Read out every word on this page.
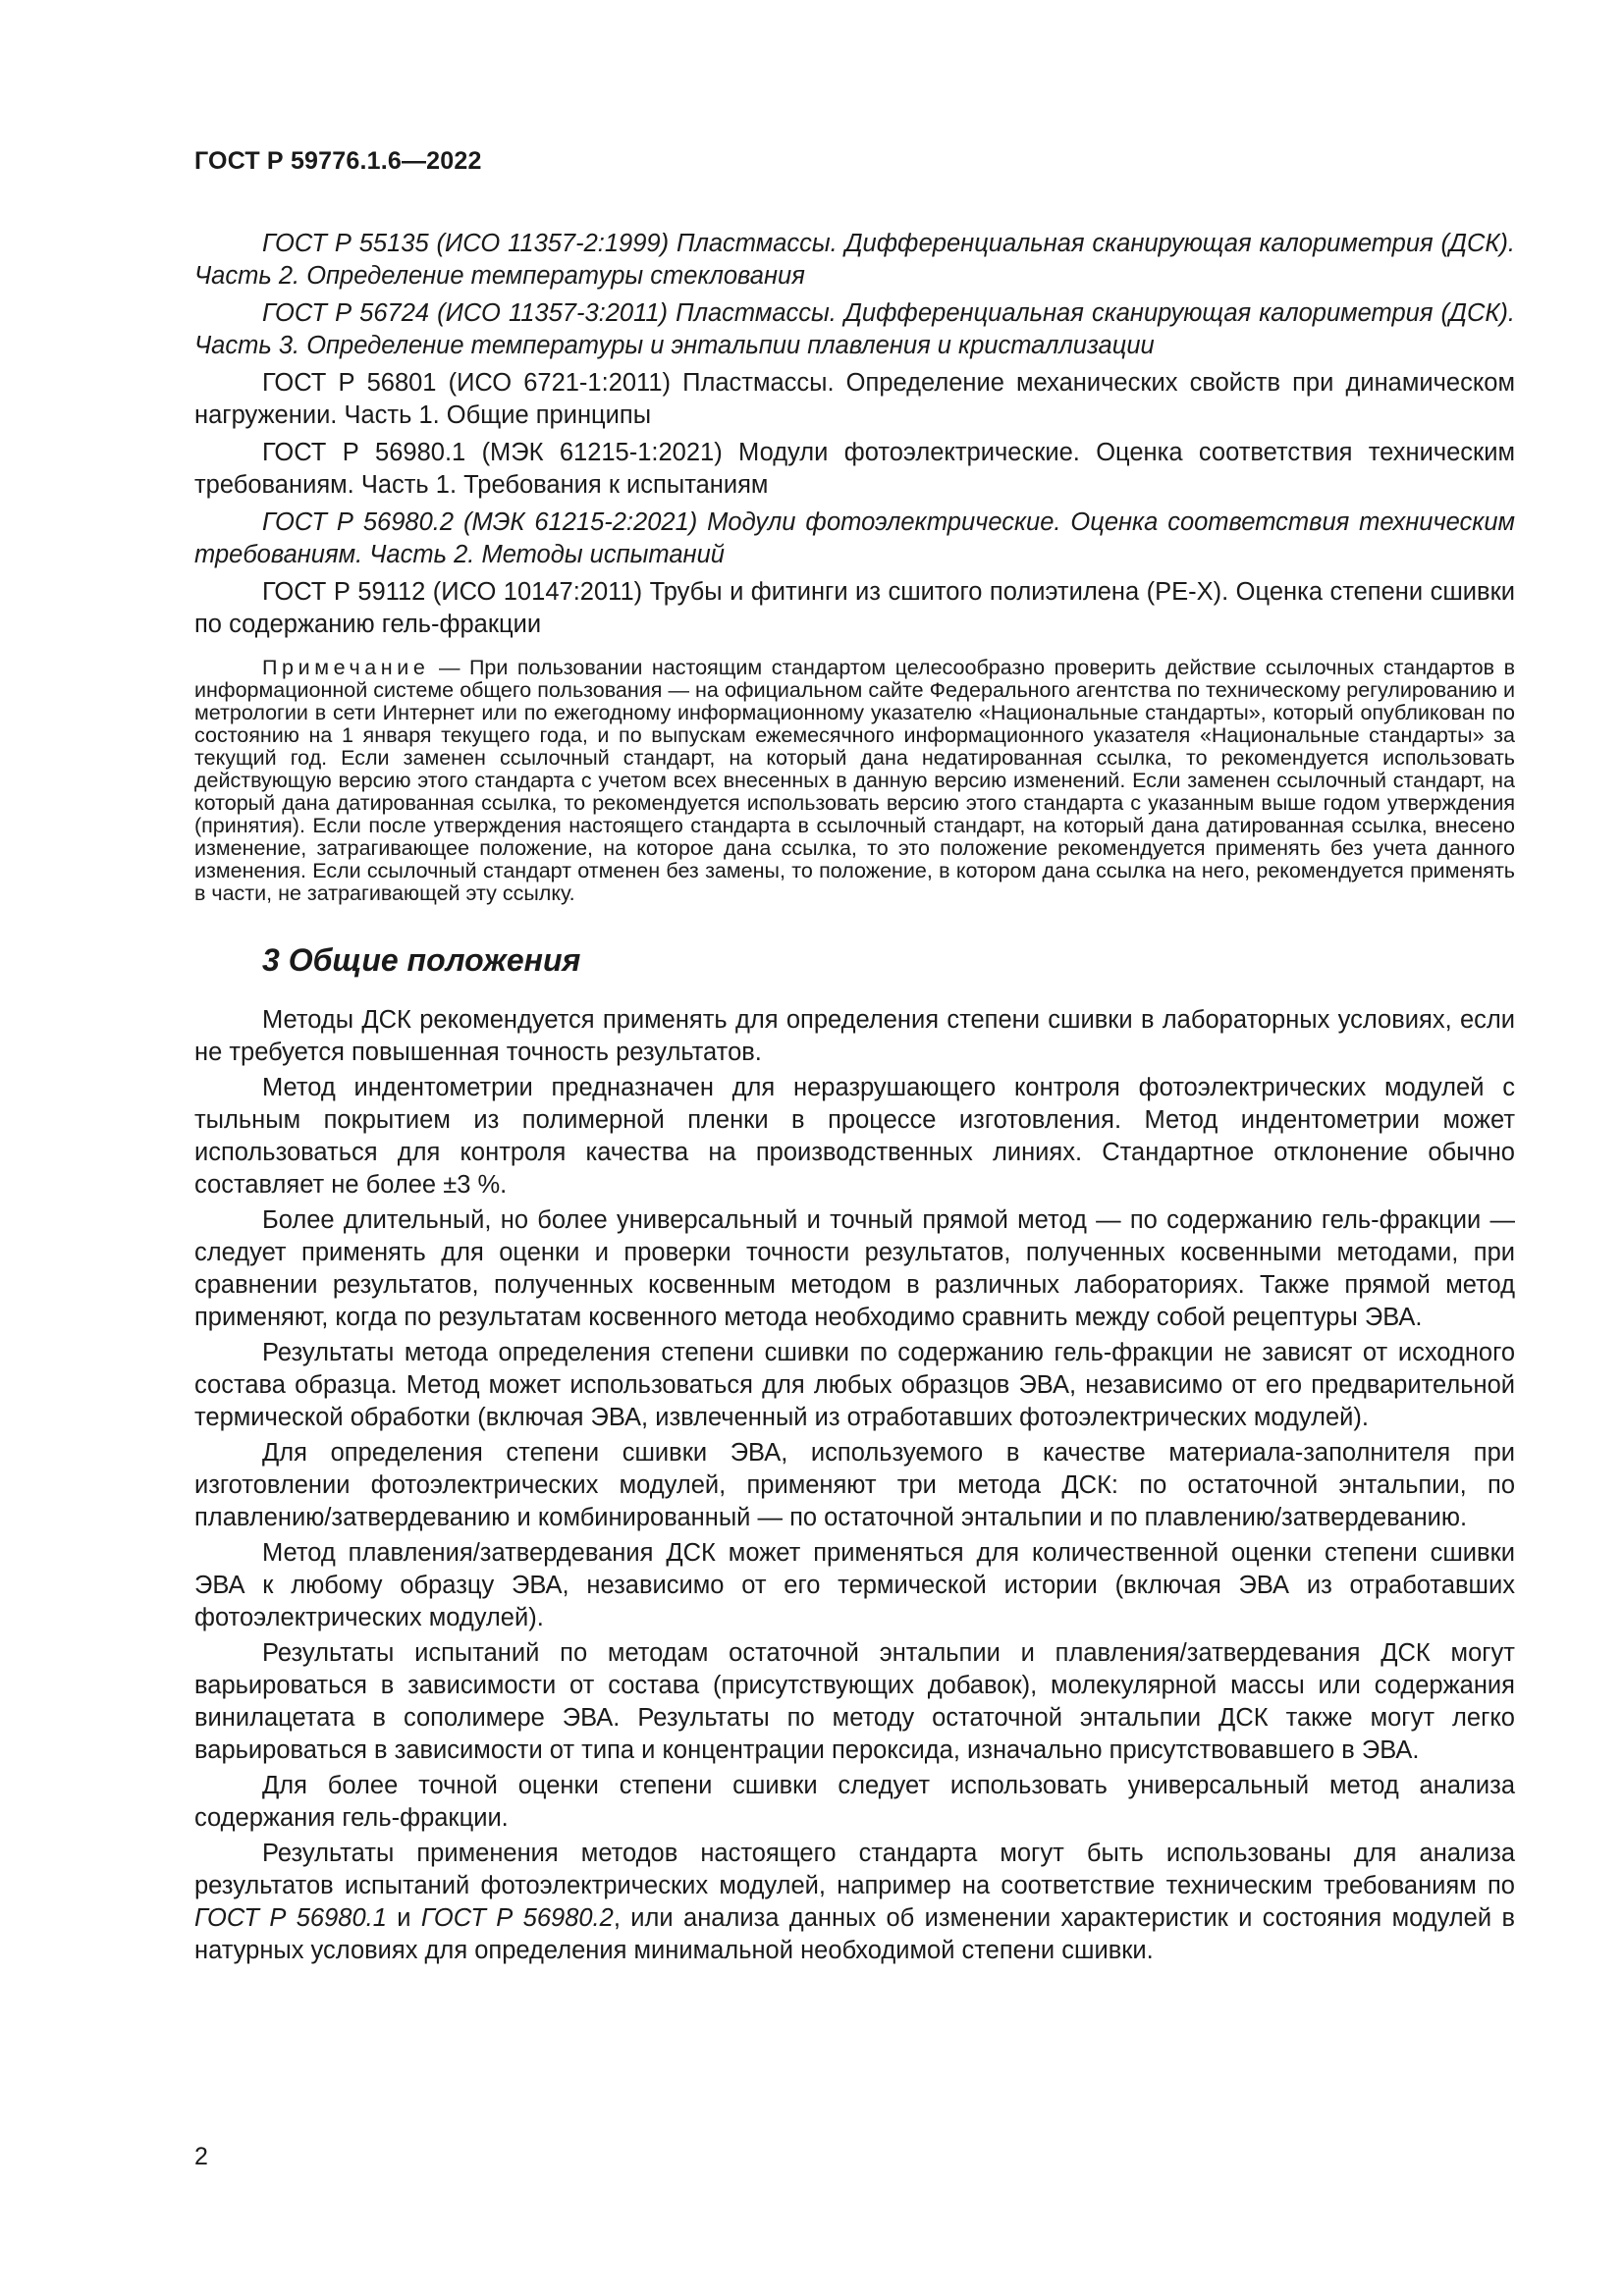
ГОСТ Р 59776.1.6—2022

ГОСТ Р 55135 (ИСО 11357-2:1999) Пластмассы. Дифференциальная сканирующая калориметрия (ДСК). Часть 2. Определение температуры стеклования

ГОСТ Р 56724 (ИСО 11357-3:2011) Пластмассы. Дифференциальная сканирующая калориметрия (ДСК). Часть 3. Определение температуры и энтальпии плавления и кристаллизации

ГОСТ Р 56801 (ИСО 6721-1:2011) Пластмассы. Определение механических свойств при динамическом нагружении. Часть 1. Общие принципы

ГОСТ Р 56980.1 (МЭК 61215-1:2021) Модули фотоэлектрические. Оценка соответствия техническим требованиям. Часть 1. Требования к испытаниям

ГОСТ Р 56980.2 (МЭК 61215-2:2021) Модули фотоэлектрические. Оценка соответствия техническим требованиям. Часть 2. Методы испытаний

ГОСТ Р 59112 (ИСО 10147:2011) Трубы и фитинги из сшитого полиэтилена (PE-X). Оценка степени сшивки по содержанию гель-фракции

Примечание — При пользовании настоящим стандартом целесообразно проверить действие ссылочных стандартов в информационной системе общего пользования — на официальном сайте Федерального агентства по техническому регулированию и метрологии в сети Интернет или по ежегодному информационному указателю «Национальные стандарты», который опубликован по состоянию на 1 января текущего года, и по выпускам ежемесячного информационного указателя «Национальные стандарты» за текущий год. Если заменен ссылочный стандарт, на который дана недатированная ссылка, то рекомендуется использовать действующую версию этого стандарта с учетом всех внесенных в данную версию изменений. Если заменен ссылочный стандарт, на который дана датированная ссылка, то рекомендуется использовать версию этого стандарта с указанным выше годом утверждения (принятия). Если после утверждения настоящего стандарта в ссылочный стандарт, на который дана датированная ссылка, внесено изменение, затрагивающее положение, на которое дана ссылка, то это положение рекомендуется применять без учета данного изменения. Если ссылочный стандарт отменен без замены, то положение, в котором дана ссылка на него, рекомендуется применять в части, не затрагивающей эту ссылку.

3 Общие положения

Методы ДСК рекомендуется применять для определения степени сшивки в лабораторных условиях, если не требуется повышенная точность результатов.

Метод индентометрии предназначен для неразрушающего контроля фотоэлектрических модулей с тыльным покрытием из полимерной пленки в процессе изготовления. Метод индентометрии может использоваться для контроля качества на производственных линиях. Стандартное отклонение обычно составляет не более ±3 %.

Более длительный, но более универсальный и точный прямой метод — по содержанию гель-фракции — следует применять для оценки и проверки точности результатов, полученных косвенными методами, при сравнении результатов, полученных косвенным методом в различных лабораториях. Также прямой метод применяют, когда по результатам косвенного метода необходимо сравнить между собой рецептуры ЭВА.

Результаты метода определения степени сшивки по содержанию гель-фракции не зависят от исходного состава образца. Метод может использоваться для любых образцов ЭВА, независимо от его предварительной термической обработки (включая ЭВА, извлеченный из отработавших фотоэлектрических модулей).

Для определения степени сшивки ЭВА, используемого в качестве материала-заполнителя при изготовлении фотоэлектрических модулей, применяют три метода ДСК: по остаточной энтальпии, по плавлению/затвердеванию и комбинированный — по остаточной энтальпии и по плавлению/затвердеванию.

Метод плавления/затвердевания ДСК может применяться для количественной оценки степени сшивки ЭВА к любому образцу ЭВА, независимо от его термической истории (включая ЭВА из отработавших фотоэлектрических модулей).

Результаты испытаний по методам остаточной энтальпии и плавления/затвердевания ДСК могут варьироваться в зависимости от состава (присутствующих добавок), молекулярной массы или содержания винилацетата в сополимере ЭВА. Результаты по методу остаточной энтальпии ДСК также могут легко варьироваться в зависимости от типа и концентрации пероксида, изначально присутствовавшего в ЭВА.

Для более точной оценки степени сшивки следует использовать универсальный метод анализа содержания гель-фракции.

Результаты применения методов настоящего стандарта могут быть использованы для анализа результатов испытаний фотоэлектрических модулей, например на соответствие техническим требованиям по ГОСТ Р 56980.1 и ГОСТ Р 56980.2, или анализа данных об изменении характеристик и состояния модулей в натурных условиях для определения минимальной необходимой степени сшивки.

2
